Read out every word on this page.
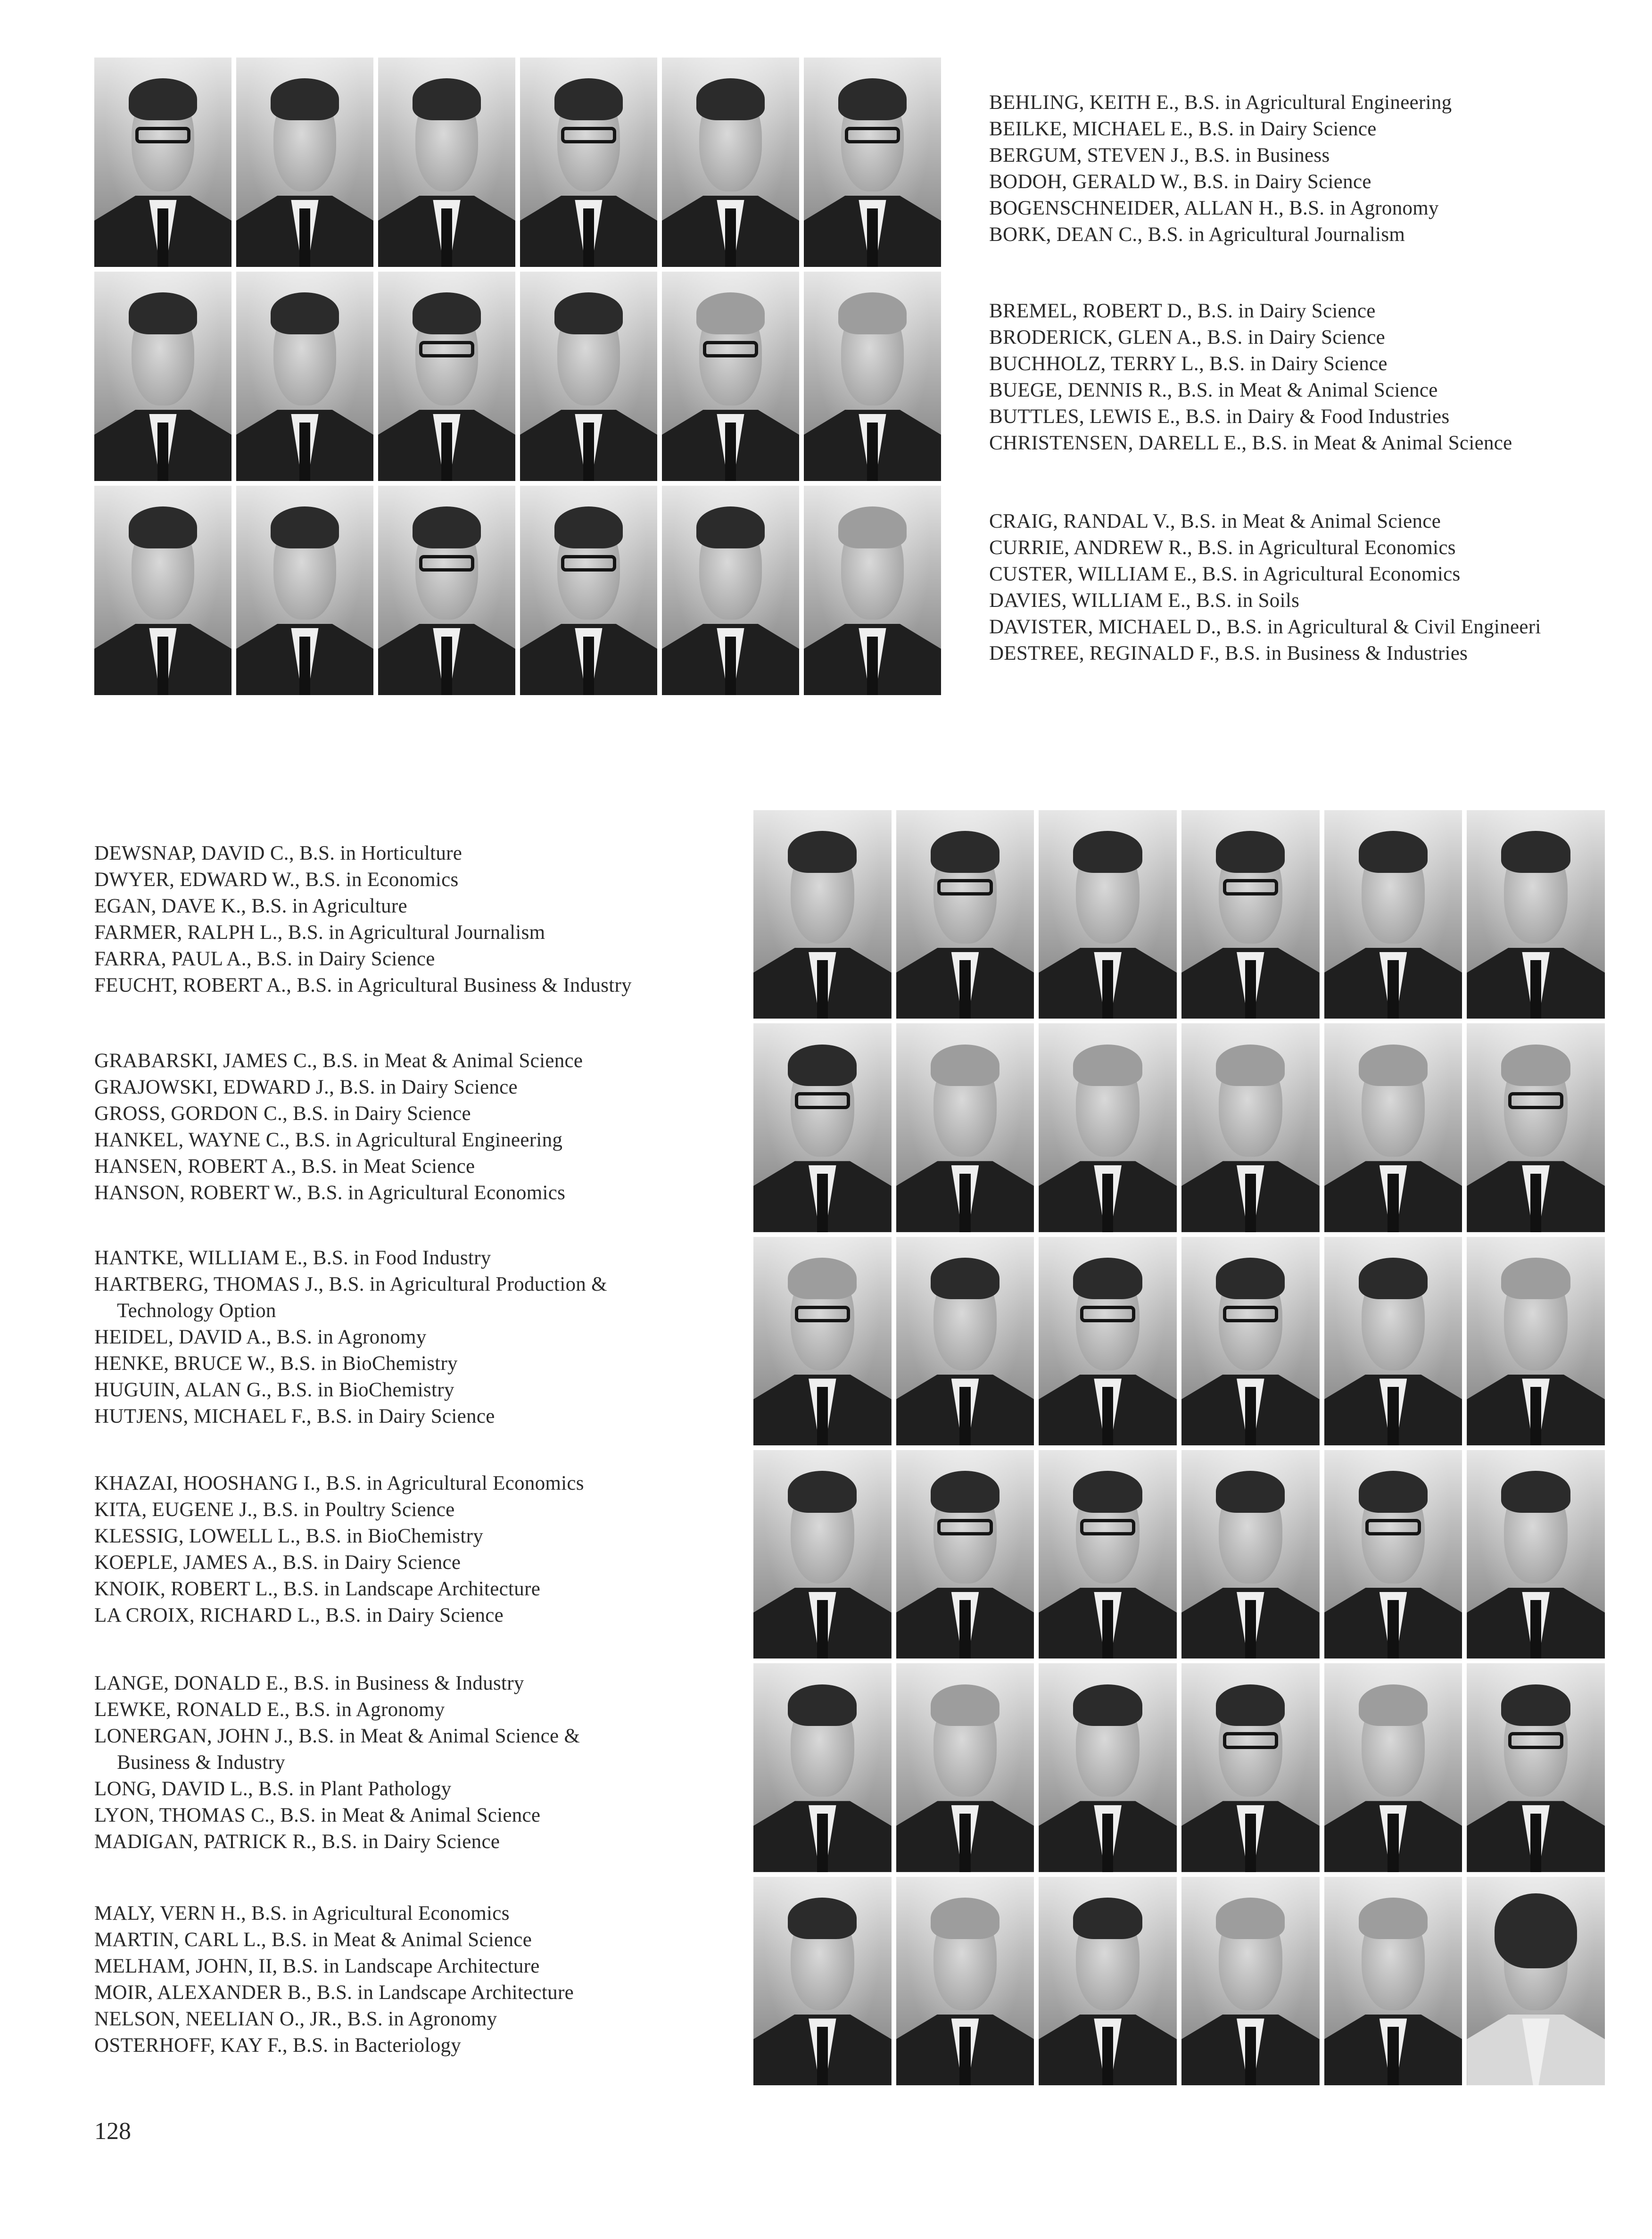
BEHLING, KEITH E., B.S. in Agricultural Engineering

BEILKE, MICHAEL E., B.S. in Dairy Science

BERGUM, STEVEN J., B.S. in Business

BODOH, GERALD W., B.S. in Dairy Science

BOGENSCHNEIDER, ALLAN H., B.S. in Agronomy

BORK, DEAN C., B.S. in Agricultural Journalism

BREMEL, ROBERT D., B.S. in Dairy Science

BRODERICK, GLEN A., B.S. in Dairy Science

BUCHHOLZ, TERRY L., B.S. in Dairy Science

BUEGE, DENNIS R., B.S. in Meat & Animal Science

BUTTLES, LEWIS E., B.S. in Dairy & Food Industries

CHRISTENSEN, DARELL E., B.S. in Meat & Animal Science

CRAIG, RANDAL V., B.S. in Meat & Animal Science

CURRIE, ANDREW R., B.S. in Agricultural Economics

CUSTER, WILLIAM E., B.S. in Agricultural Economics

DAVIES, WILLIAM E., B.S. in Soils

DAVISTER, MICHAEL D., B.S. in Agricultural & Civil Engineeri

DESTREE, REGINALD F., B.S. in Business & Industries

DEWSNAP, DAVID C., B.S. in Horticulture

DWYER, EDWARD W., B.S. in Economics

EGAN, DAVE K., B.S. in Agriculture

FARMER, RALPH L., B.S. in Agricultural Journalism

FARRA, PAUL A., B.S. in Dairy Science

FEUCHT, ROBERT A., B.S. in Agricultural Business & Industry

GRABARSKI, JAMES C., B.S. in Meat & Animal Science

GRAJOWSKI, EDWARD J., B.S. in Dairy Science

GROSS, GORDON C., B.S. in Dairy Science

HANKEL, WAYNE C., B.S. in Agricultural Engineering

HANSEN, ROBERT A., B.S. in Meat Science

HANSON, ROBERT W., B.S. in Agricultural Economics

HANTKE, WILLIAM E., B.S. in Food Industry

HARTBERG, THOMAS J., B.S. in Agricultural Production &

Technology Option

HEIDEL, DAVID A., B.S. in Agronomy

HENKE, BRUCE W., B.S. in BioChemistry

HUGUIN, ALAN G., B.S. in BioChemistry

HUTJENS, MICHAEL F., B.S. in Dairy Science

KHAZAI, HOOSHANG I., B.S. in Agricultural Economics

KITA, EUGENE J., B.S. in Poultry Science

KLESSIG, LOWELL L., B.S. in BioChemistry

KOEPLE, JAMES A., B.S. in Dairy Science

KNOIK, ROBERT L., B.S. in Landscape Architecture

LA CROIX, RICHARD L., B.S. in Dairy Science

LANGE, DONALD E., B.S. in Business & Industry

LEWKE, RONALD E., B.S. in Agronomy

LONERGAN, JOHN J., B.S. in Meat & Animal Science &

Business & Industry

LONG, DAVID L., B.S. in Plant Pathology

LYON, THOMAS C., B.S. in Meat & Animal Science

MADIGAN, PATRICK R., B.S. in Dairy Science

MALY, VERN H., B.S. in Agricultural Economics

MARTIN, CARL L., B.S. in Meat & Animal Science

MELHAM, JOHN, II, B.S. in Landscape Architecture

MOIR, ALEXANDER B., B.S. in Landscape Architecture

NELSON, NEELIAN O., JR., B.S. in Agronomy

OSTERHOFF, KAY F., B.S. in Bacteriology

128
